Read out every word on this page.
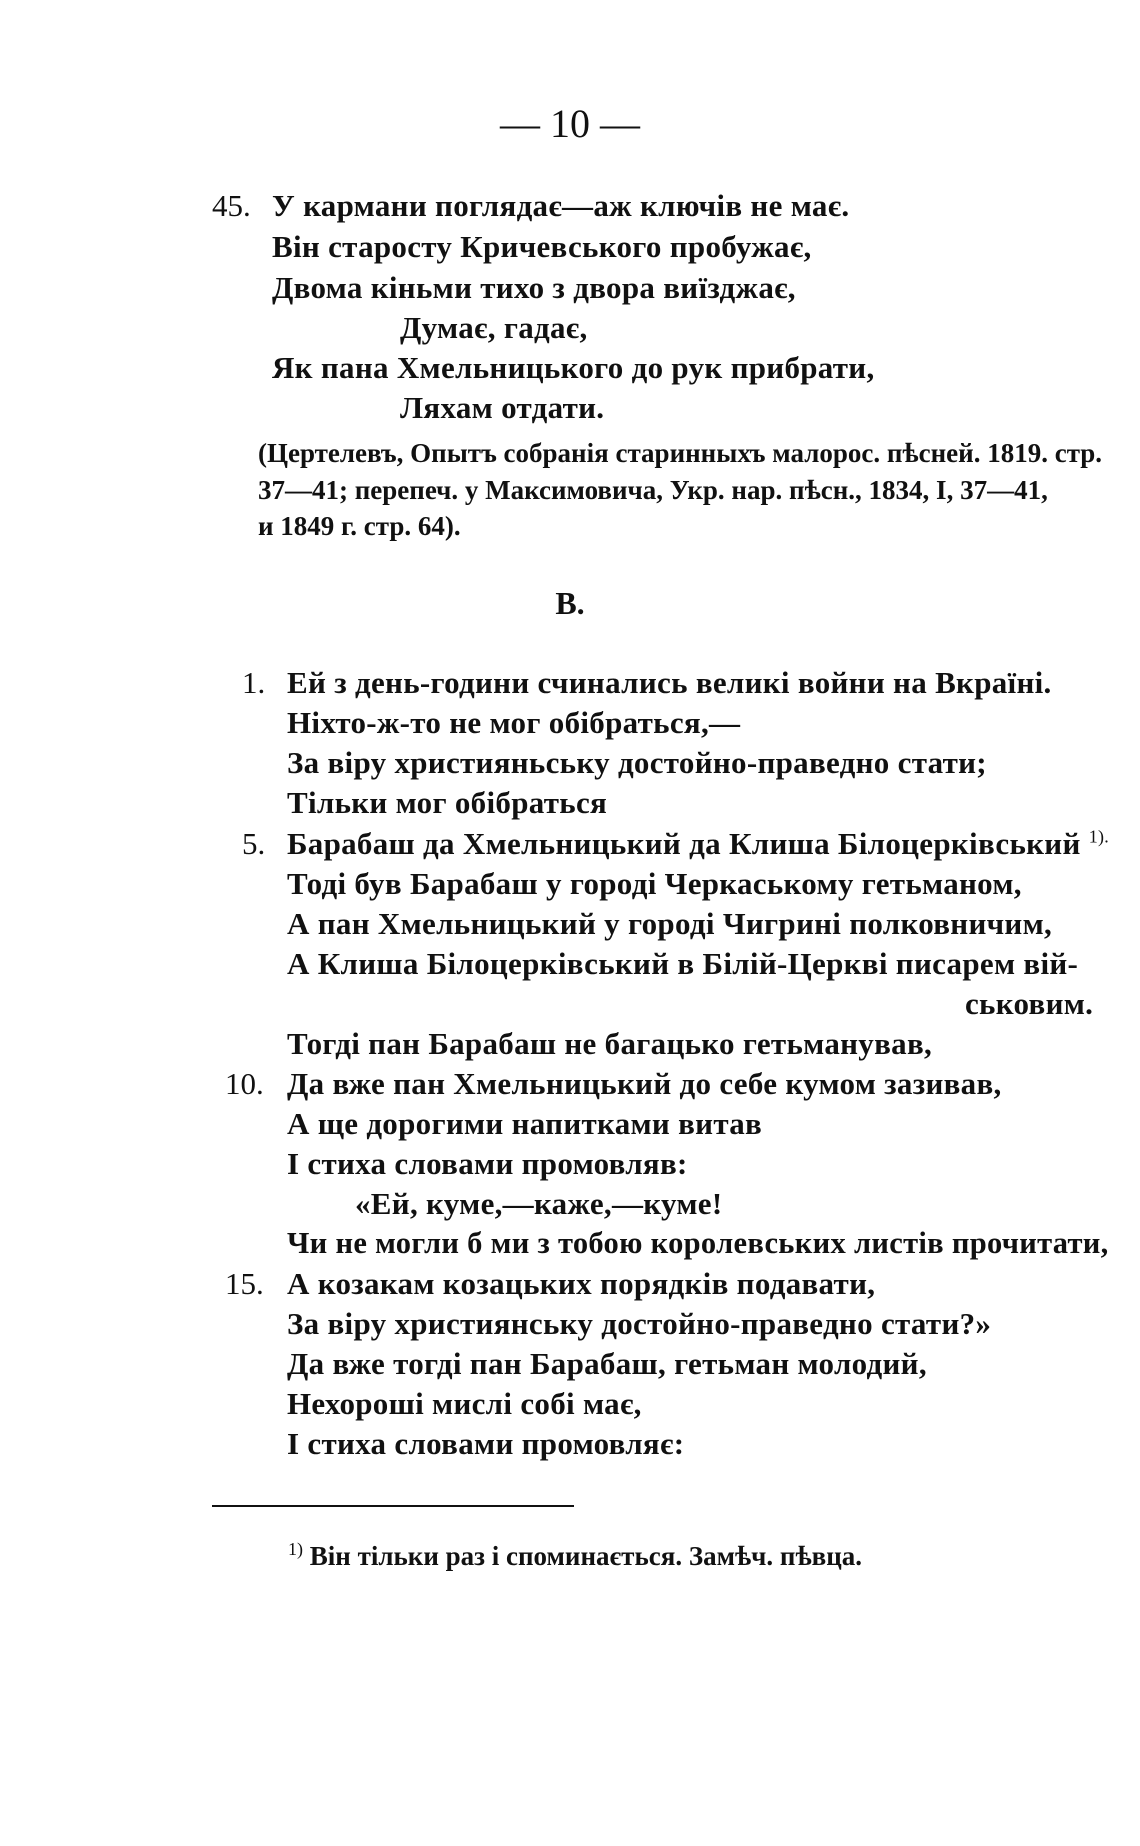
— 10 —
45. У кармани поглядає—аж ключів не має.
Він старосту Кричевського пробужає,
Двома кіньми тихо з двора виїзджає,
Думає, гадає,
Як пана Хмельницького до рук прибрати,
Ляхам отдати.
(Цертелевъ, Опытъ собранія старинныхъ малорос. пѣсней. 1819. стр.
37—41; перепеч. у Максимовича, Укр. нар. пѣсн., 1834, І, 37—41,
и 1849 г. стр. 64).
В.
1. Ей з день-години счинались великі войни на Вкраїні.
Ніхто-ж-то не мог обібраться,—
За віру християньську достойно-праведно стати;
Тільки мог обібраться
5. Барабаш да Хмельницький да Клиша Білоцерківський $^{1).}$
Тоді був Барабаш у городі Черкаському гетьманом,
А пан Хмельницький у городі Чигрині полковничим,
А Клиша Білоцерківський в Білій-Церкві писарем вій-
ськовим.
Тогді пан Барабаш не багацько гетьманував,
10. Да вже пан Хмельницький до себе кумом зазивав,
А ще дорогими напитками витав
І стиха словами промовляв:
«Ей, куме,—каже,—куме!
Чи не могли б ми з тобою королевських листів прочитати,
15. А козакам козацьких порядків подавати,
За віру християнську достойно-праведно стати?»
Да вже тогді пан Барабаш, гетьман молодий,
Нехороші мислі собі має,
І стиха словами промовляє:
$^{1)}$ Він тільки раз і споминається. Замѣч. пѣвца.
